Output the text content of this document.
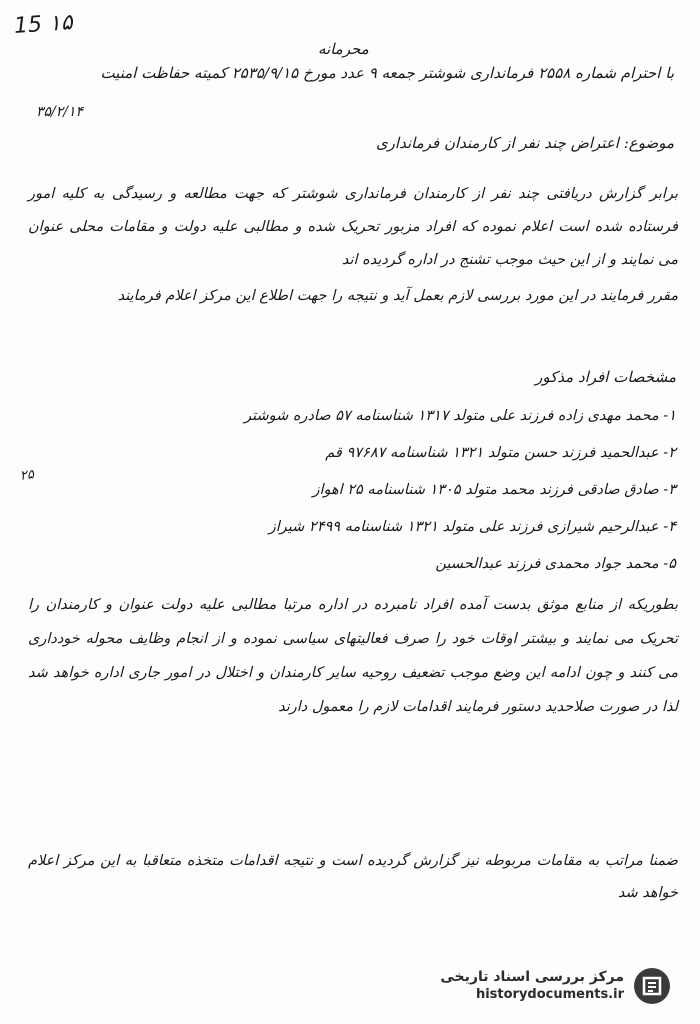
15 ۱۵
محرمانه
با احترام شماره ۲۵۵۸ فرمانداری شوشتر جمعه ۹ عدد مورخ ۲۵۳۵/۹/۱۵ کمیته حفاظت امنیت
۳۵/۲/۱۴
موضوع: اعتراض چند نفر از کارمندان فرمانداری
برابر گزارش دریافتی چند نفر از کارمندان فرمانداری شوشتر که جهت مطالعه و رسیدگی به کلیه امور فرستاده شده است اعلام نموده که افراد مزبور تحریک شده و مطالبی علیه دولت و مقامات محلی عنوان می نمایند و از این حیث موجب تشنج در اداره گردیده اند
مقرر فرمایند در این مورد بررسی لازم بعمل آید و نتیجه را جهت اطلاع این مرکز اعلام فرمایند
مشخصات افراد مذکور
۱- محمد مهدی زاده فرزند علی متولد ۱۳۱۷ شناسنامه ۵۷ صادره شوشتر
۲- عبدالحمید فرزند حسن متولد ۱۳۲۱ شناسنامه ۹۷۶۸۷ قم
۳- صادق صادقی فرزند محمد متولد ۱۳۰۵ شناسنامه ۲۵ اهواز
۴- عبدالرحیم شیرازی فرزند علی متولد ۱۳۲۱ شناسنامه ۲۴۹۹ شیراز
۵- محمد جواد محمدی فرزند عبدالحسین
۲۵
بطوریکه از منابع موثق بدست آمده افراد نامبرده در اداره مرتبا مطالبی علیه دولت عنوان و کارمندان را تحریک می نمایند و بیشتر اوقات خود را صرف فعالیتهای سیاسی نموده و از انجام وظایف محوله خودداری می کنند و چون ادامه این وضع موجب تضعیف روحیه سایر کارمندان و اختلال در امور جاری اداره خواهد شد لذا در صورت صلاحدید دستور فرمایند اقدامات لازم را معمول دارند
ضمنا مراتب به مقامات مربوطه نیز گزارش گردیده است و نتیجه اقدامات متخذه متعاقبا به این مرکز اعلام خواهد شد
مرکز بررسی اسناد تاریخی
historydocuments.ir
